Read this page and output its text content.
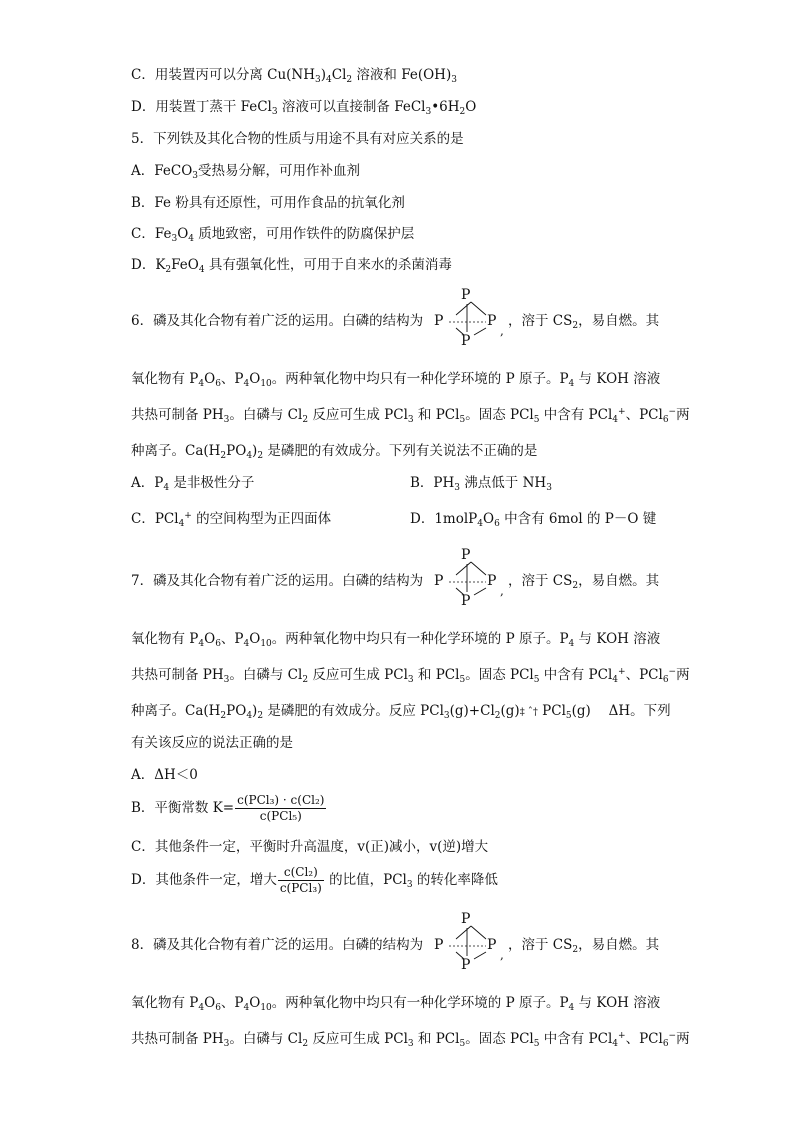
C．用装置丙可以分离 $Cu(NH_3)_4Cl_2$ 溶液和 $Fe(OH)_3$
D．用装置丁蒸干 FeCl$_3$ 溶液可以直接制备 $FeCl_3•6H_2O$
5．下列铁及其化合物的性质与用途不具有对应关系的是
A．FeCO$_3$受热易分解，可用作补血剂
B．Fe 粉具有还原性，可用作食品的抗氧化剂
C．$Fe_3O_4$ 质地致密，可用作铁件的防腐保护层
D．$K_2FeO_4$ 具有强氧化性，可用于自来水的杀菌消毒
6．磷及其化合物有着广泛的运用。白磷的结构为
P
P	P
P
,
，溶于 $CS_2$，易自燃。其
氧化物有 $P_4O_6$、$P_4O_{10}$。两种氧化物中均只有一种化学环境的 P 原子。$P_4$ 与 KOH 溶液
共热可制备 $PH_3$。白磷与 $Cl_2$ 反应可生成 PCl$_3$ 和 PCl$_5$。固态 PCl$_5$ 中含有 PCl$_4$+、PCl$_6$−两
种离子。$Ca(H_2PO_4)_2$ 是磷肥的有效成分。下列有关说法不正确的是
A．$P_4$ 是非极性分子	B．$PH_3$ 沸点低于 $NH_3$
C．PCl$_4$+ 的空间构型为正四面体	D．$1molP_4O_6$ 中含有 6mol 的 P－O 键
7．磷及其化合物有着广泛的运用。白磷的结构为
P
P	P
P
,
，溶于 $CS_2$，易自燃。其
氧化物有 $P_4O_6$、$P_4O_{10}$。两种氧化物中均只有一种化学环境的 P 原子。$P_4$ 与 KOH 溶液
共热可制备 $PH_3$。白磷与 $Cl_2$ 反应可生成 PCl$_3$ 和 PCl$_5$。固态 PCl$_5$ 中含有 PCl$_4$+、PCl$_6$−两
种离子。$Ca(H_2PO_4)_2$ 是磷肥的有效成分。反应 $PCl_3(g)+Cl_2(g)\ddagger$ ˆ† PCl$_5$(g)　 ΔH。下列
有关该反应的说法正确的是
A．ΔH＜0
B．平衡常数 $K= \frac{\text{c(PCl₃) · c(Cl₂)}}{\text{c(PCl₅)}}$
C．其他条件一定，平衡时升高温度，v(正)减小，v(逆)增大
D．其他条件一定，增大 $\frac{\text{c(Cl₂)}}{\text{c(PCl₃)}}$ 的比值，PCl$_3$ 的转化率降低
8．磷及其化合物有着广泛的运用。白磷的结构为
P
P	P
P
,
，溶于 $CS_2$，易自燃。其
氧化物有 $P_4O_6$、$P_4O_{10}$。两种氧化物中均只有一种化学环境的 P 原子。$P_4$ 与 KOH 溶液
共热可制备 $PH_3$。白磷与 $Cl_2$ 反应可生成 PCl$_3$ 和 PCl$_5$。固态 PCl$_5$ 中含有 PCl$_4$+、PCl$_6$−两
